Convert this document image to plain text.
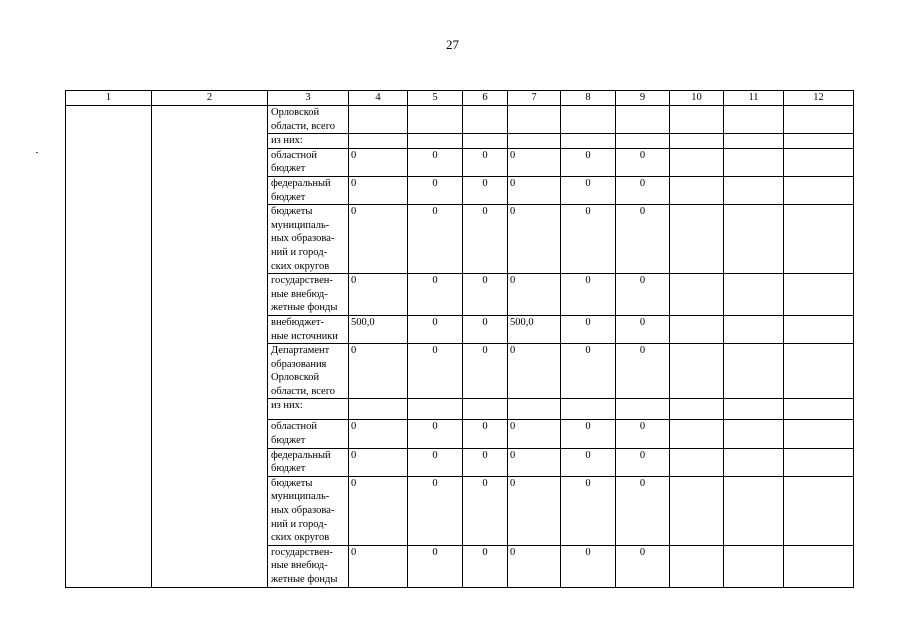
27
1	2	3	4	5	6	7	8	9	10	11	12
		Орловской
области, всего									
		из них:									
		областной
бюджет	0	0	0	0	0	0			
		федеральный
бюджет	0	0	0	0	0	0			
		бюджеты
муниципаль-
ных образова-
ний и город-
ских округов	0	0	0	0	0	0			
		государствен-
ные внебюд-
жетные фонды	0	0	0	0	0	0			
		внебюджет-
ные источники	500,0	0	0	500,0	0	0			
		Департамент
образования
Орловской
области, всего	0	0	0	0	0	0			
		из них:									
		областной
бюджет	0	0	0	0	0	0			
		федеральный
бюджет	0	0	0	0	0	0			
		бюджеты
муниципаль-
ных образова-
ний и город-
ских округов	0	0	0	0	0	0			
		государствен-
ные внебюд-
жетные фонды	0	0	0	0	0	0			
